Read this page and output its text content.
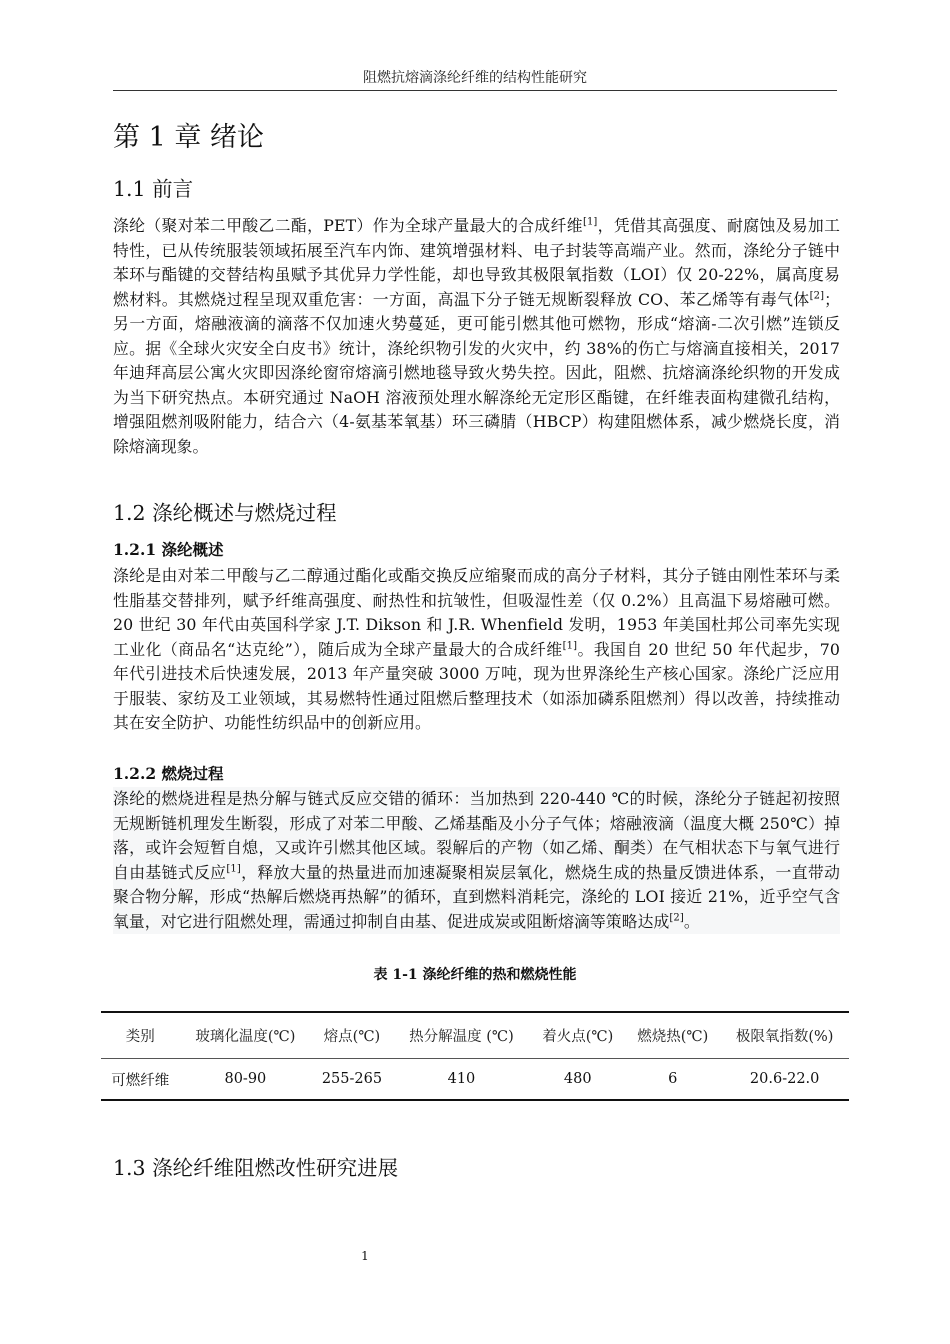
阻燃抗熔滴涤纶纤维的结构性能研究
第 1 章 绪论
1.1 前言

涤纶（聚对苯二甲酸乙二酯，PET）作为全球产量最大的合成纤维[1]，凭借其高强度、耐腐蚀及易加工特性，已从传统服装领域拓展至汽车内饰、建筑增强材料、电子封装等高端产业。然而，涤纶分子链中苯环与酯键的交替结构虽赋予其优异力学性能，却也导致其极限氧指数（LOI）仅 20-22%，属高度易燃材料。其燃烧过程呈现双重危害：一方面，高温下分子链无规断裂释放 CO、苯乙烯等有毒气体[2]；另一方面，熔融液滴的滴落不仅加速火势蔓延，更可能引燃其他可燃物，形成“熔滴-二次引燃”连锁反应。据《全球火灾安全白皮书》统计，涤纶织物引发的火灾中，约 38%的伤亡与熔滴直接相关，2017 年迪拜高层公寓火灾即因涤纶窗帘熔滴引燃地毯导致火势失控。因此，阻燃、抗熔滴涤纶织物的开发成为当下研究热点。本研究通过 NaOH 溶液预处理水解涤纶无定形区酯键，在纤维表面构建微孔结构，增强阻燃剂吸附能力，结合六（4-氨基苯氧基）环三磷腈（HBCP）构建阻燃体系，减少燃烧长度，消除熔滴现象。

1.2 涤纶概述与燃烧过程
1.2.1 涤纶概述

涤纶是由对苯二甲酸与乙二醇通过酯化或酯交换反应缩聚而成的高分子材料，其分子链由刚性苯环与柔性脂基交替排列，赋予纤维高强度、耐热性和抗皱性，但吸湿性差（仅 0.2%）且高温下易熔融可燃。20 世纪 30 年代由英国科学家 J.T. Dikson 和 J.R. Whenfield 发明，1953 年美国杜邦公司率先实现工业化（商品名“达克纶”），随后成为全球产量最大的合成纤维[1]。我国自 20 世纪 50 年代起步，70 年代引进技术后快速发展，2013 年产量突破 3000 万吨，现为世界涤纶生产核心国家。涤纶广泛应用于服装、家纺及工业领域，其易燃特性通过阻燃后整理技术（如添加磷系阻燃剂）得以改善，持续推动其在安全防护、功能性纺织品中的创新应用。

1.2.2 燃烧过程

涤纶的燃烧进程是热分解与链式反应交错的循环：当加热到 220-440 ℃的时候，涤纶分子链起初按照无规断链机理发生断裂，形成了对苯二甲酸、乙烯基酯及小分子气体；熔融液滴（温度大概 250℃）掉落，或许会短暂自熄，又或许引燃其他区域。裂解后的产物（如乙烯、酮类）在气相状态下与氧气进行自由基链式反应[1]，释放大量的热量进而加速凝聚相炭层氧化，燃烧生成的热量反馈进体系，一直带动聚合物分解，形成“热解后燃烧再热解”的循环，直到燃料消耗完，涤纶的 LOI 接近 21%，近乎空气含氧量，对它进行阻燃处理，需通过抑制自由基、促进成炭或阻断熔滴等策略达成[2]。

表 1-1 涤纶纤维的热和燃烧性能
类别	玻璃化温度(℃)	熔点(℃)	热分解温度 (℃)	着火点(℃)	燃烧热(℃)	极限氧指数(%)
可燃纤维	80-90	255-265	410	480	6	20.6-22.0
1.3 涤纶纤维阻燃改性研究进展
1
